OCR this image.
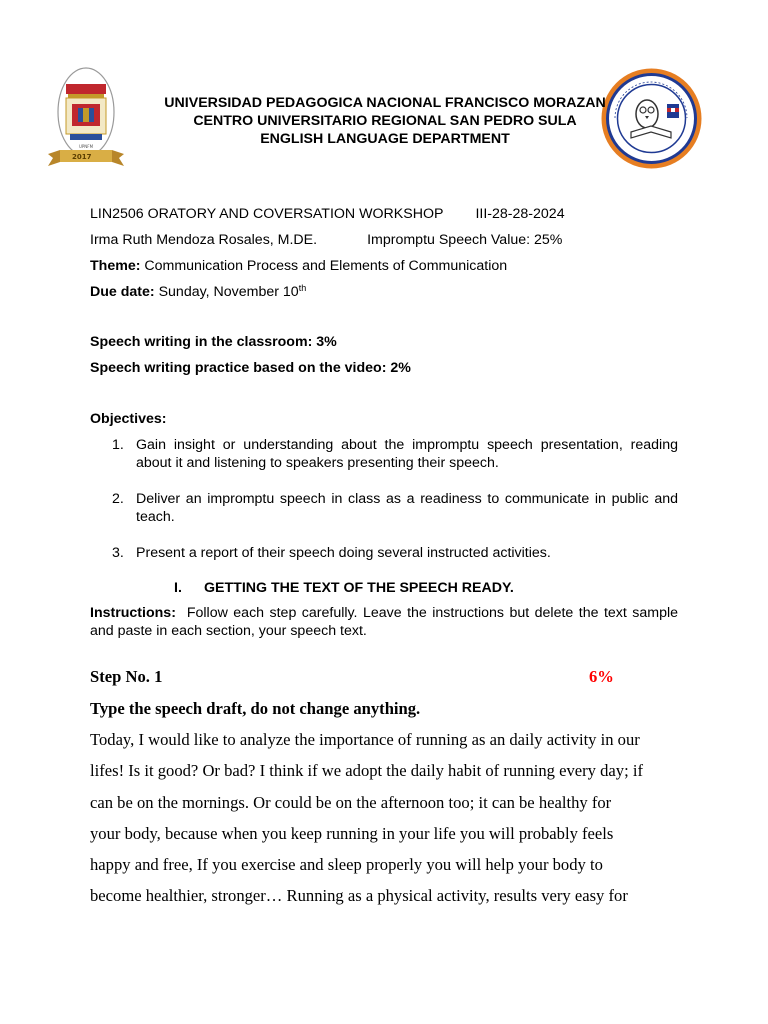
UPNFM
2017
UNIVERSIDAD PEDAGOGICA NACIONAL FRANCISCO MORAZAN
CENTRO UNIVERSITARIO REGIONAL SAN PEDRO SULA
ENGLISH LANGUAGE DEPARTMENT
LIN2506 ORATORY AND COVERSATION WORKSHOP III-28-28-2024
Irma Ruth Mendoza Rosales, M.DE.	Impromptu Speech Value: 25%
Theme: Communication Process and Elements of Communication
Due date: Sunday, November 10th
Speech writing in the classroom: 3%
Speech writing practice based on the video: 2%
Objectives:
1. Gain insight or understanding about the impromptu speech presentation, reading about it and listening to speakers presenting their speech.
2. Deliver an impromptu speech in class as a readiness to communicate in public and teach.
3. Present a report of their speech doing several instructed activities.
I. GETTING THE TEXT OF THE SPEECH READY.
Instructions:  Follow each step carefully. Leave the instructions but delete the text sample and paste in each section, your speech text.
Step No. 1	6%
Type the speech draft, do not change anything.
Today, I would like to analyze the importance of running as an daily activity in our
lifes! Is it good? Or bad? I think if we adopt the daily habit of running every day; if
can be on the mornings. Or could be on the afternoon too; it can be healthy for
your body, because when you keep running in your life you will probably feels
happy and free, If you exercise and sleep properly you will help your body to
become healthier, stronger… Running as a physical activity, results very easy for
